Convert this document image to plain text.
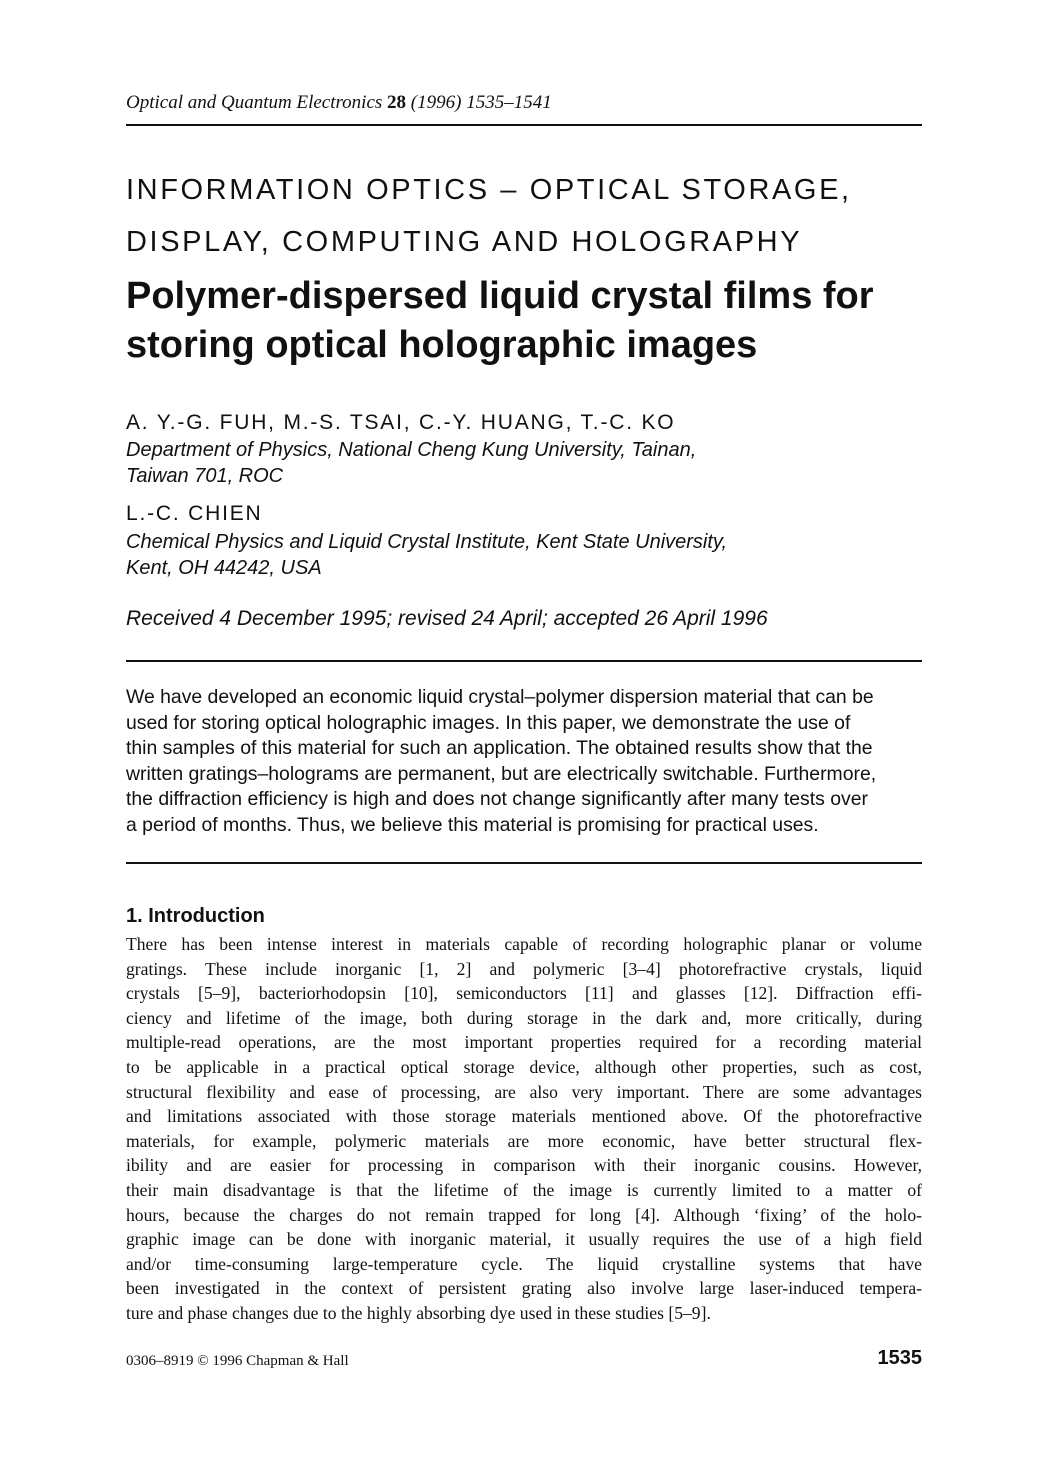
Optical and Quantum Electronics 28 (1996) 1535–1541
INFORMATION OPTICS – OPTICAL STORAGE,
DISPLAY, COMPUTING AND HOLOGRAPHY
Polymer-dispersed liquid crystal films for
storing optical holographic images
A. Y.-G. FUH, M.-S. TSAI, C.-Y. HUANG, T.-C. KO
Department of Physics, National Cheng Kung University, Tainan,
Taiwan 701, ROC
L.-C. CHIEN
Chemical Physics and Liquid Crystal Institute, Kent State University,
Kent, OH 44242, USA
Received 4 December 1995; revised 24 April; accepted 26 April 1996

We have developed an economic liquid crystal–polymer dispersion material that can be
used for storing optical holographic images. In this paper, we demonstrate the use of
thin samples of this material for such an application. The obtained results show that the
written gratings–holograms are permanent, but are electrically switchable. Furthermore,
the diffraction efficiency is high and does not change significantly after many tests over
a period of months. Thus, we believe this material is promising for practical uses.

1. Introduction

There has been intense interest in materials capable of recording holographic planar or volume
gratings. These include inorganic [1, 2] and polymeric [3–4] photorefractive crystals, liquid
crystals [5–9], bacteriorhodopsin [10], semiconductors [11] and glasses [12]. Diffraction effi-
ciency and lifetime of the image, both during storage in the dark and, more critically, during
multiple-read operations, are the most important properties required for a recording material
to be applicable in a practical optical storage device, although other properties, such as cost,
structural flexibility and ease of processing, are also very important. There are some advantages
and limitations associated with those storage materials mentioned above. Of the photorefractive
materials, for example, polymeric materials are more economic, have better structural flex-
ibility and are easier for processing in comparison with their inorganic cousins. However,
their main disadvantage is that the lifetime of the image is currently limited to a matter of
hours, because the charges do not remain trapped for long [4]. Although ‘fixing’ of the holo-
graphic image can be done with inorganic material, it usually requires the use of a high field
and/or time-consuming large-temperature cycle. The liquid crystalline systems that have
been investigated in the context of persistent grating also involve large laser-induced tempera-
ture and phase changes due to the highly absorbing dye used in these studies [5–9].

0306–8919 © 1996 Chapman & Hall	1535
